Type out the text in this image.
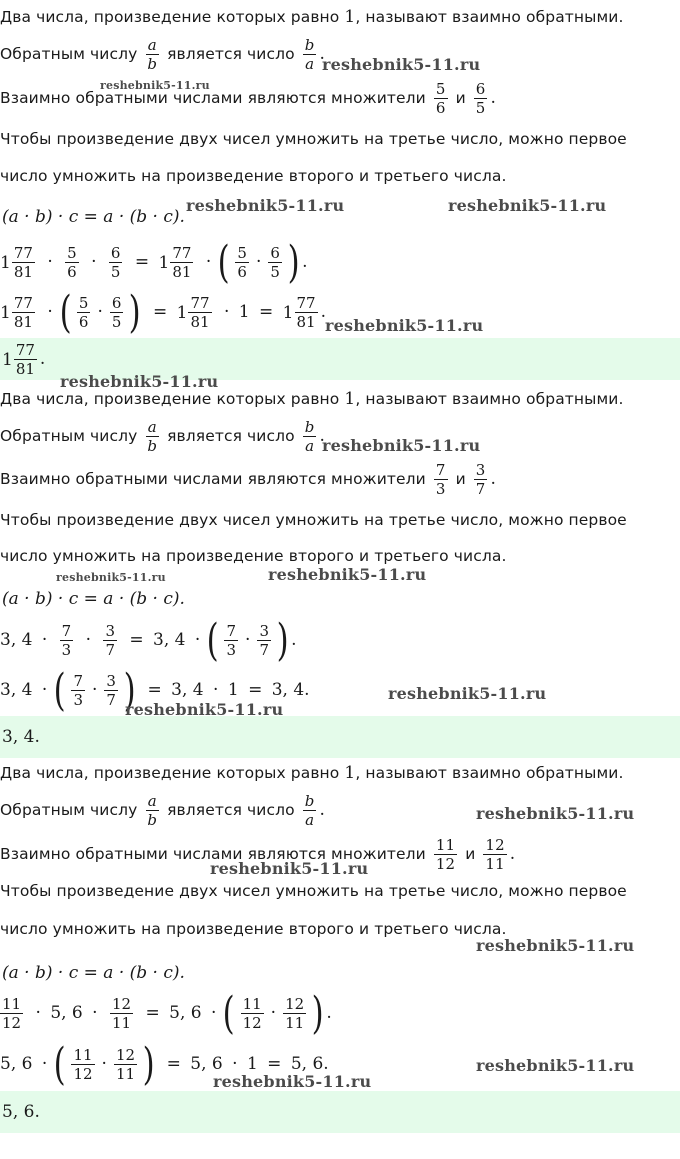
Два числа, произведение которых равно 1, называют взаимно обратными.
Обратным числу $\frac{a}{b}$ является число $\frac{b}{a}$ .
Взаимно обратными числами являются множители $\frac{5}{6}$ и $\frac{6}{5}$ .
Чтобы произведение двух чисел умножить на третье число, можно первое
число умножить на произведение второго и третьего числа.
(a · b) · c = a · (b · c).
$1 \frac{77}{81} \cdot \frac{5}{6} \cdot \frac{6}{5} = 1 \frac{77}{81}$ · ( $\frac{5}{6} \cdot \frac{6}{5}$ ) .
$1 \frac{77}{81}$ · ( $\frac{5}{6} \cdot \frac{6}{5}$ ) = $1 \frac{77}{81} \cdot 1 = 1 \frac{77}{81}$ .
$1 \frac{77}{81}$ .
Два числа, произведение которых равно 1, называют взаимно обратными.
Обратным числу $\frac{a}{b}$ является число $\frac{b}{a}$ .
Взаимно обратными числами являются множители $\frac{7}{3}$ и $\frac{3}{7}$ .
Чтобы произведение двух чисел умножить на третье число, можно первое
число умножить на произведение второго и третьего числа.
(a · b) · c = a · (b · c).
3, $4 \cdot \frac{7}{3} \cdot \frac{3}{7} = 3$, 4 · ( $\frac{7}{3} \cdot \frac{3}{7}$ ) .
3, 4 · ( $\frac{7}{3} \cdot \frac{3}{7}$ ) = 3, 4 · 1 = 3, 4.
3, 4.
Два числа, произведение которых равно 1, называют взаимно обратными.
Обратным числу $\frac{a}{b}$ является число $\frac{b}{a}$ .
Взаимно обратными числами являются множители $\frac{11}{12}$ и $\frac{12}{11}$ .
Чтобы произведение двух чисел умножить на третье число, можно первое
число умножить на произведение второго и третьего числа.
(a · b) · c = a · (b · c).
$\frac{11}{12} \cdot 5$, $6 \cdot \frac{12}{11} = 5$, 6 · ( $\frac{11}{12} \cdot \frac{12}{11}$ ) .
5, 6 · ( $\frac{11}{12} \cdot \frac{12}{11}$ ) = 5, 6 · 1 = 5, 6.
5, 6.
reshebnik5-11.ru
reshebnik5-11.ru
reshebnik5-11.ru	reshebnik5-11.ru
reshebnik5-11.ru
reshebnik5-11.ru
reshebnik5-11.ru
reshebnik5-11.ru
reshebnik5-11.ru
reshebnik5-11.ru
reshebnik5-11.ru
reshebnik5-11.ru
reshebnik5-11.ru
reshebnik5-11.ru
reshebnik5-11.ru
reshebnik5-11.ru
